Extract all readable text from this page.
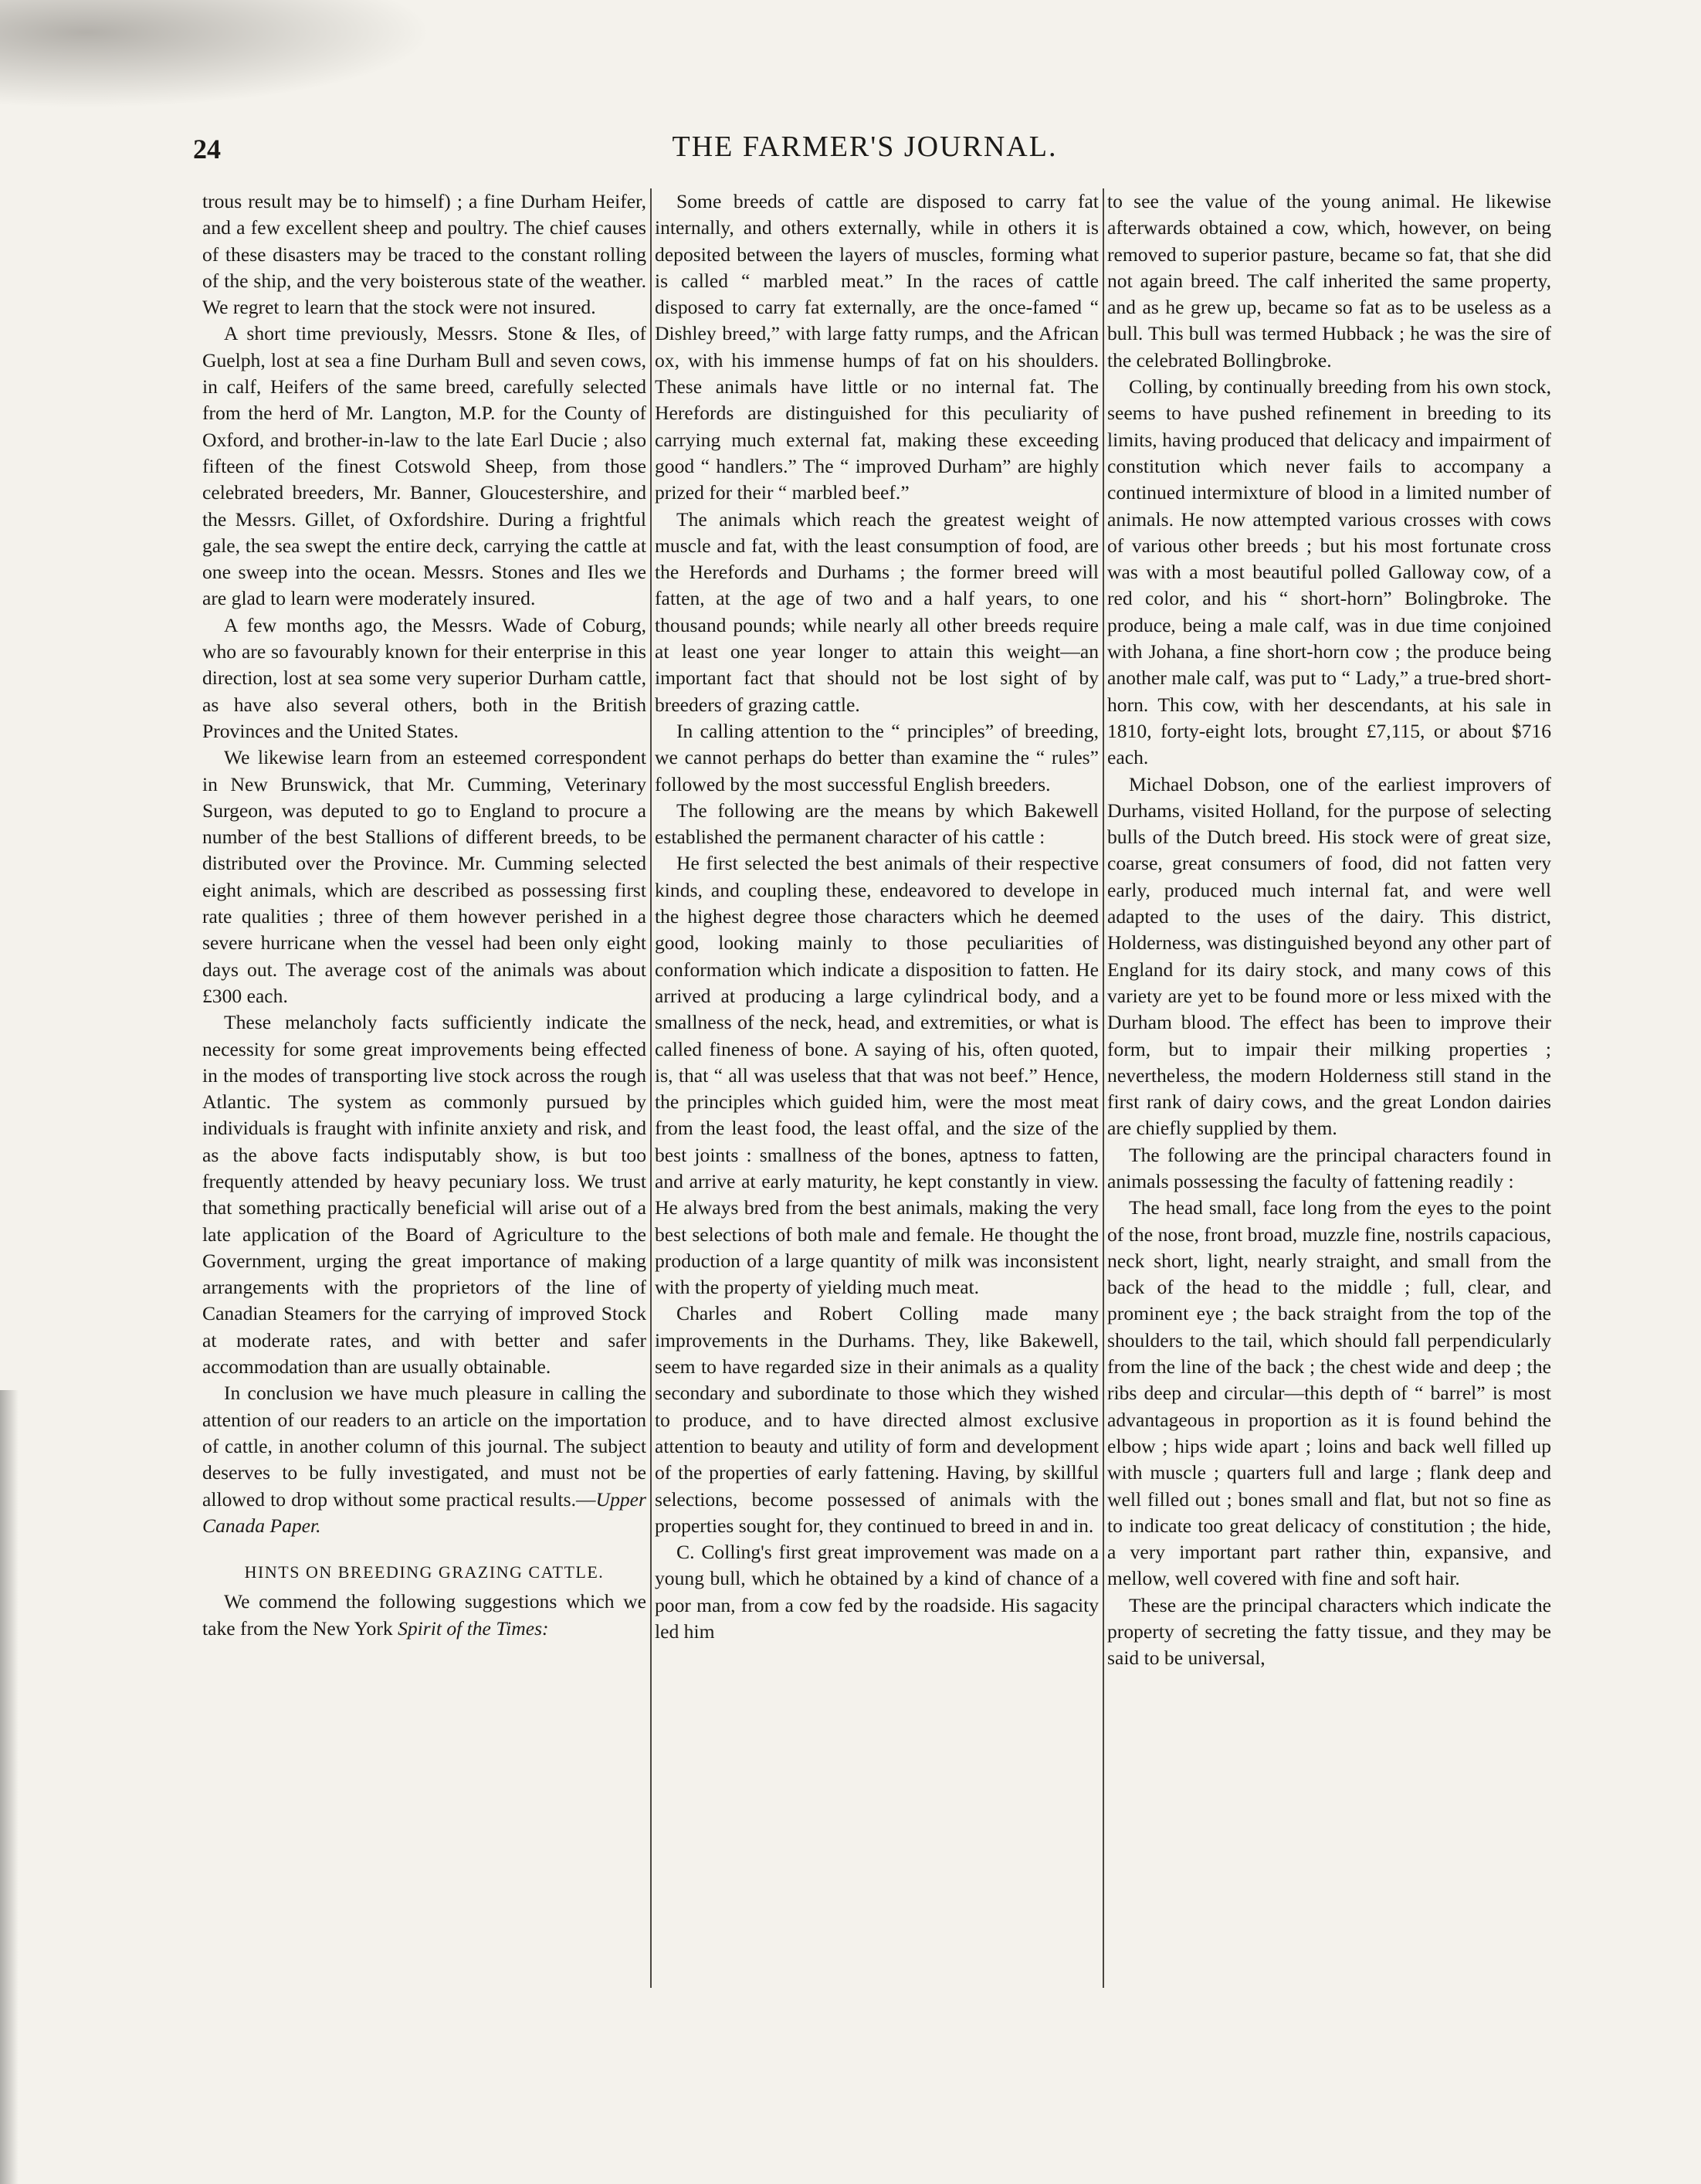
24	THE FARMER'S JOURNAL.

trous result may be to himself) ; a fine Durham Heifer, and a few excellent sheep and poultry. The chief causes of these disasters may be traced to the constant rolling of the ship, and the very boisterous state of the weather. We regret to learn that the stock were not insured.

A short time previously, Messrs. Stone & Iles, of Guelph, lost at sea a fine Durham Bull and seven cows, in calf, Heifers of the same breed, carefully selected from the herd of Mr. Langton, M.P. for the County of Oxford, and brother-in-law to the late Earl Ducie ; also fifteen of the finest Cotswold Sheep, from those celebrated breeders, Mr. Banner, Gloucestershire, and the Messrs. Gillet, of Oxfordshire. During a frightful gale, the sea swept the entire deck, carrying the cattle at one sweep into the ocean. Messrs. Stones and Iles we are glad to learn were moderately insured.

A few months ago, the Messrs. Wade of Coburg, who are so favourably known for their enterprise in this direction, lost at sea some very superior Durham cattle, as have also several others, both in the British Provinces and the United States.

We likewise learn from an esteemed correspondent in New Brunswick, that Mr. Cumming, Veterinary Surgeon, was deputed to go to England to procure a number of the best Stallions of different breeds, to be distributed over the Province. Mr. Cumming selected eight animals, which are described as possessing first rate qualities ; three of them however perished in a severe hurricane when the vessel had been only eight days out. The average cost of the animals was about £300 each.

These melancholy facts sufficiently indicate the necessity for some great improvements being effected in the modes of transporting live stock across the rough Atlantic. The system as commonly pursued by individuals is fraught with infinite anxiety and risk, and as the above facts indisputably show, is but too frequently attended by heavy pecuniary loss. We trust that something practically beneficial will arise out of a late application of the Board of Agriculture to the Government, urging the great importance of making arrangements with the proprietors of the line of Canadian Steamers for the carrying of improved Stock at moderate rates, and with better and safer accommodation than are usually obtainable.

In conclusion we have much pleasure in calling the attention of our readers to an article on the importation of cattle, in another column of this journal. The subject deserves to be fully investigated, and must not be allowed to drop without some practical results.—Upper Canada Paper.

HINTS ON BREEDING GRAZING CATTLE.

We commend the following suggestions which we take from the New York Spirit of the Times:

Some breeds of cattle are disposed to carry fat internally, and others externally, while in others it is deposited between the layers of muscles, forming what is called “ marbled meat.” In the races of cattle disposed to carry fat externally, are the once-famed “ Dishley breed,” with large fatty rumps, and the African ox, with his immense humps of fat on his shoulders. These animals have little or no internal fat. The Herefords are distinguished for this peculiarity of carrying much external fat, making these exceeding good “ handlers.” The “ improved Durham” are highly prized for their “ marbled beef.”

The animals which reach the greatest weight of muscle and fat, with the least consumption of food, are the Herefords and Durhams ; the former breed will fatten, at the age of two and a half years, to one thousand pounds; while nearly all other breeds require at least one year longer to attain this weight—an important fact that should not be lost sight of by breeders of grazing cattle.

In calling attention to the “ principles” of breeding, we cannot perhaps do better than examine the “ rules” followed by the most successful English breeders.

The following are the means by which Bakewell established the permanent character of his cattle :

He first selected the best animals of their respective kinds, and coupling these, endeavored to develope in the highest degree those characters which he deemed good, looking mainly to those peculiarities of conformation which indicate a disposition to fatten. He arrived at producing a large cylindrical body, and a smallness of the neck, head, and extremities, or what is called fineness of bone. A saying of his, often quoted, is, that “ all was useless that that was not beef.” Hence, the principles which guided him, were the most meat from the least food, the least offal, and the size of the best joints : smallness of the bones, aptness to fatten, and arrive at early maturity, he kept constantly in view. He always bred from the best animals, making the very best selections of both male and female. He thought the production of a large quantity of milk was inconsistent with the property of yielding much meat.

Charles and Robert Colling made many improvements in the Durhams. They, like Bakewell, seem to have regarded size in their animals as a quality secondary and subordinate to those which they wished to produce, and to have directed almost exclusive attention to beauty and utility of form and development of the properties of early fattening. Having, by skillful selections, become possessed of animals with the properties sought for, they continued to breed in and in.

C. Colling's first great improvement was made on a young bull, which he obtained by a kind of chance of a poor man, from a cow fed by the roadside. His sagacity led him

to see the value of the young animal. He likewise afterwards obtained a cow, which, however, on being removed to superior pasture, became so fat, that she did not again breed. The calf inherited the same property, and as he grew up, became so fat as to be useless as a bull. This bull was termed Hubback ; he was the sire of the celebrated Bollingbroke.

Colling, by continually breeding from his own stock, seems to have pushed refinement in breeding to its limits, having produced that delicacy and impairment of constitution which never fails to accompany a continued intermixture of blood in a limited number of animals. He now attempted various crosses with cows of various other breeds ; but his most fortunate cross was with a most beautiful polled Galloway cow, of a red color, and his “ short-horn” Bolingbroke. The produce, being a male calf, was in due time conjoined with Johana, a fine short-horn cow ; the produce being another male calf, was put to “ Lady,” a true-bred short-horn. This cow, with her descendants, at his sale in 1810, forty-eight lots, brought £7,115, or about $716 each.

Michael Dobson, one of the earliest improvers of Durhams, visited Holland, for the purpose of selecting bulls of the Dutch breed. His stock were of great size, coarse, great consumers of food, did not fatten very early, produced much internal fat, and were well adapted to the uses of the dairy. This district, Holderness, was distinguished beyond any other part of England for its dairy stock, and many cows of this variety are yet to be found more or less mixed with the Durham blood. The effect has been to improve their form, but to impair their milking properties ; nevertheless, the modern Holderness still stand in the first rank of dairy cows, and the great London dairies are chiefly supplied by them.

The following are the principal characters found in animals possessing the faculty of fattening readily :

The head small, face long from the eyes to the point of the nose, front broad, muzzle fine, nostrils capacious, neck short, light, nearly straight, and small from the back of the head to the middle ; full, clear, and prominent eye ; the back straight from the top of the shoulders to the tail, which should fall perpendicularly from the line of the back ; the chest wide and deep ; the ribs deep and circular—this depth of “ barrel” is most advantageous in proportion as it is found behind the elbow ; hips wide apart ; loins and back well filled up with muscle ; quarters full and large ; flank deep and well filled out ; bones small and flat, but not so fine as to indicate too great delicacy of constitution ; the hide, a very important part rather thin, expansive, and mellow, well covered with fine and soft hair.

These are the principal characters which indicate the property of secreting the fatty tissue, and they may be said to be universal,
